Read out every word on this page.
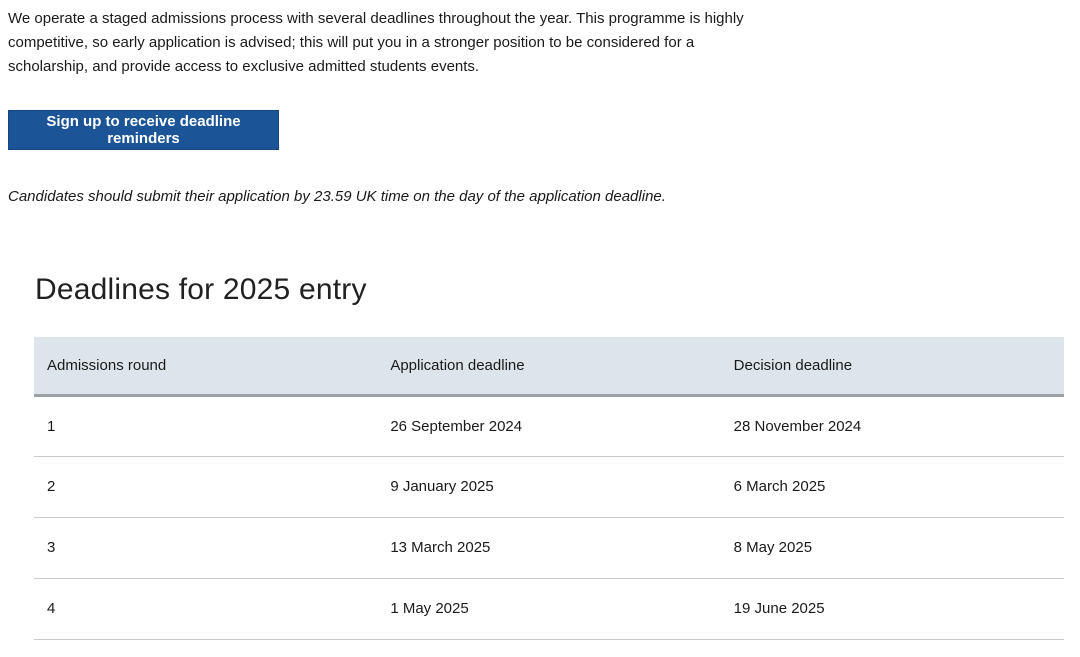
We operate a staged admissions process with several deadlines throughout the year. This programme is highly competitive, so early application is advised; this will put you in a stronger position to be considered for a scholarship, and provide access to exclusive admitted students events.

Sign up to receive deadline reminders

Candidates should submit their application by 23.59 UK time on the day of the application deadline.

Deadlines for 2025 entry
Admissions round	Application deadline	Decision deadline
1	26 September 2024	28 November 2024
2	9 January 2025	6 March 2025
3	13 March 2025	8 May 2025
4	1 May 2025	19 June 2025
